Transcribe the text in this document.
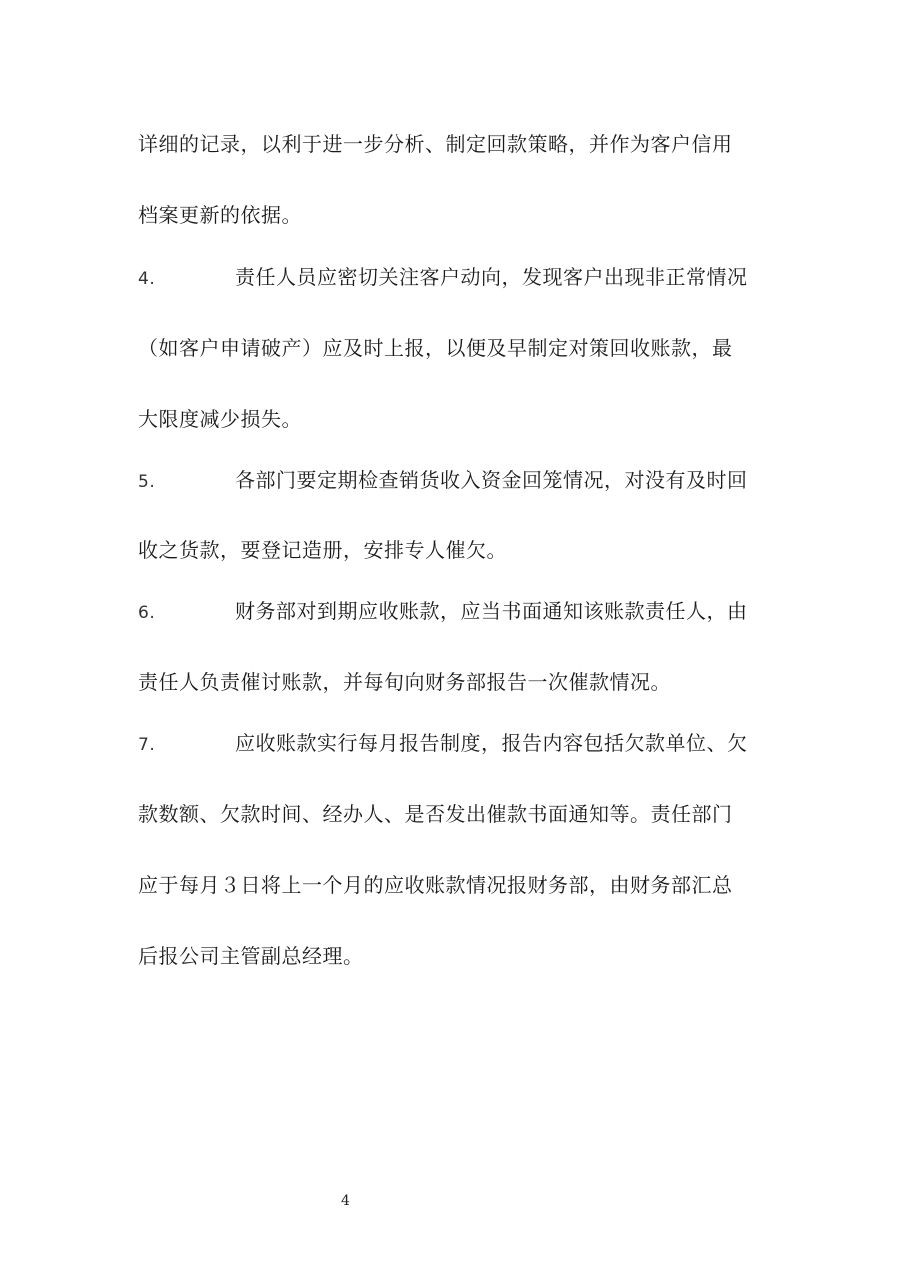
详细的记录，以利于进一步分析、制定回款策略，并作为客户信用
档案更新的依据。
4.	责任人员应密切关注客户动向，发现客户出现非正常情况
（如客户申请破产）应及时上报，以便及早制定对策回收账款，最
大限度减少损失。
5.	各部门要定期检查销货收入资金回笼情况，对没有及时回
收之货款，要登记造册，安排专人催欠。
6.	财务部对到期应收账款，应当书面通知该账款责任人，由
责任人负责催讨账款，并每旬向财务部报告一次催款情况。
7.	应收账款实行每月报告制度，报告内容包括欠款单位、欠
款数额、欠款时间、经办人、是否发出催款书面通知等。责任部门
应于每月３日将上一个月的应收账款情况报财务部，由财务部汇总
后报公司主管副总经理。
4
